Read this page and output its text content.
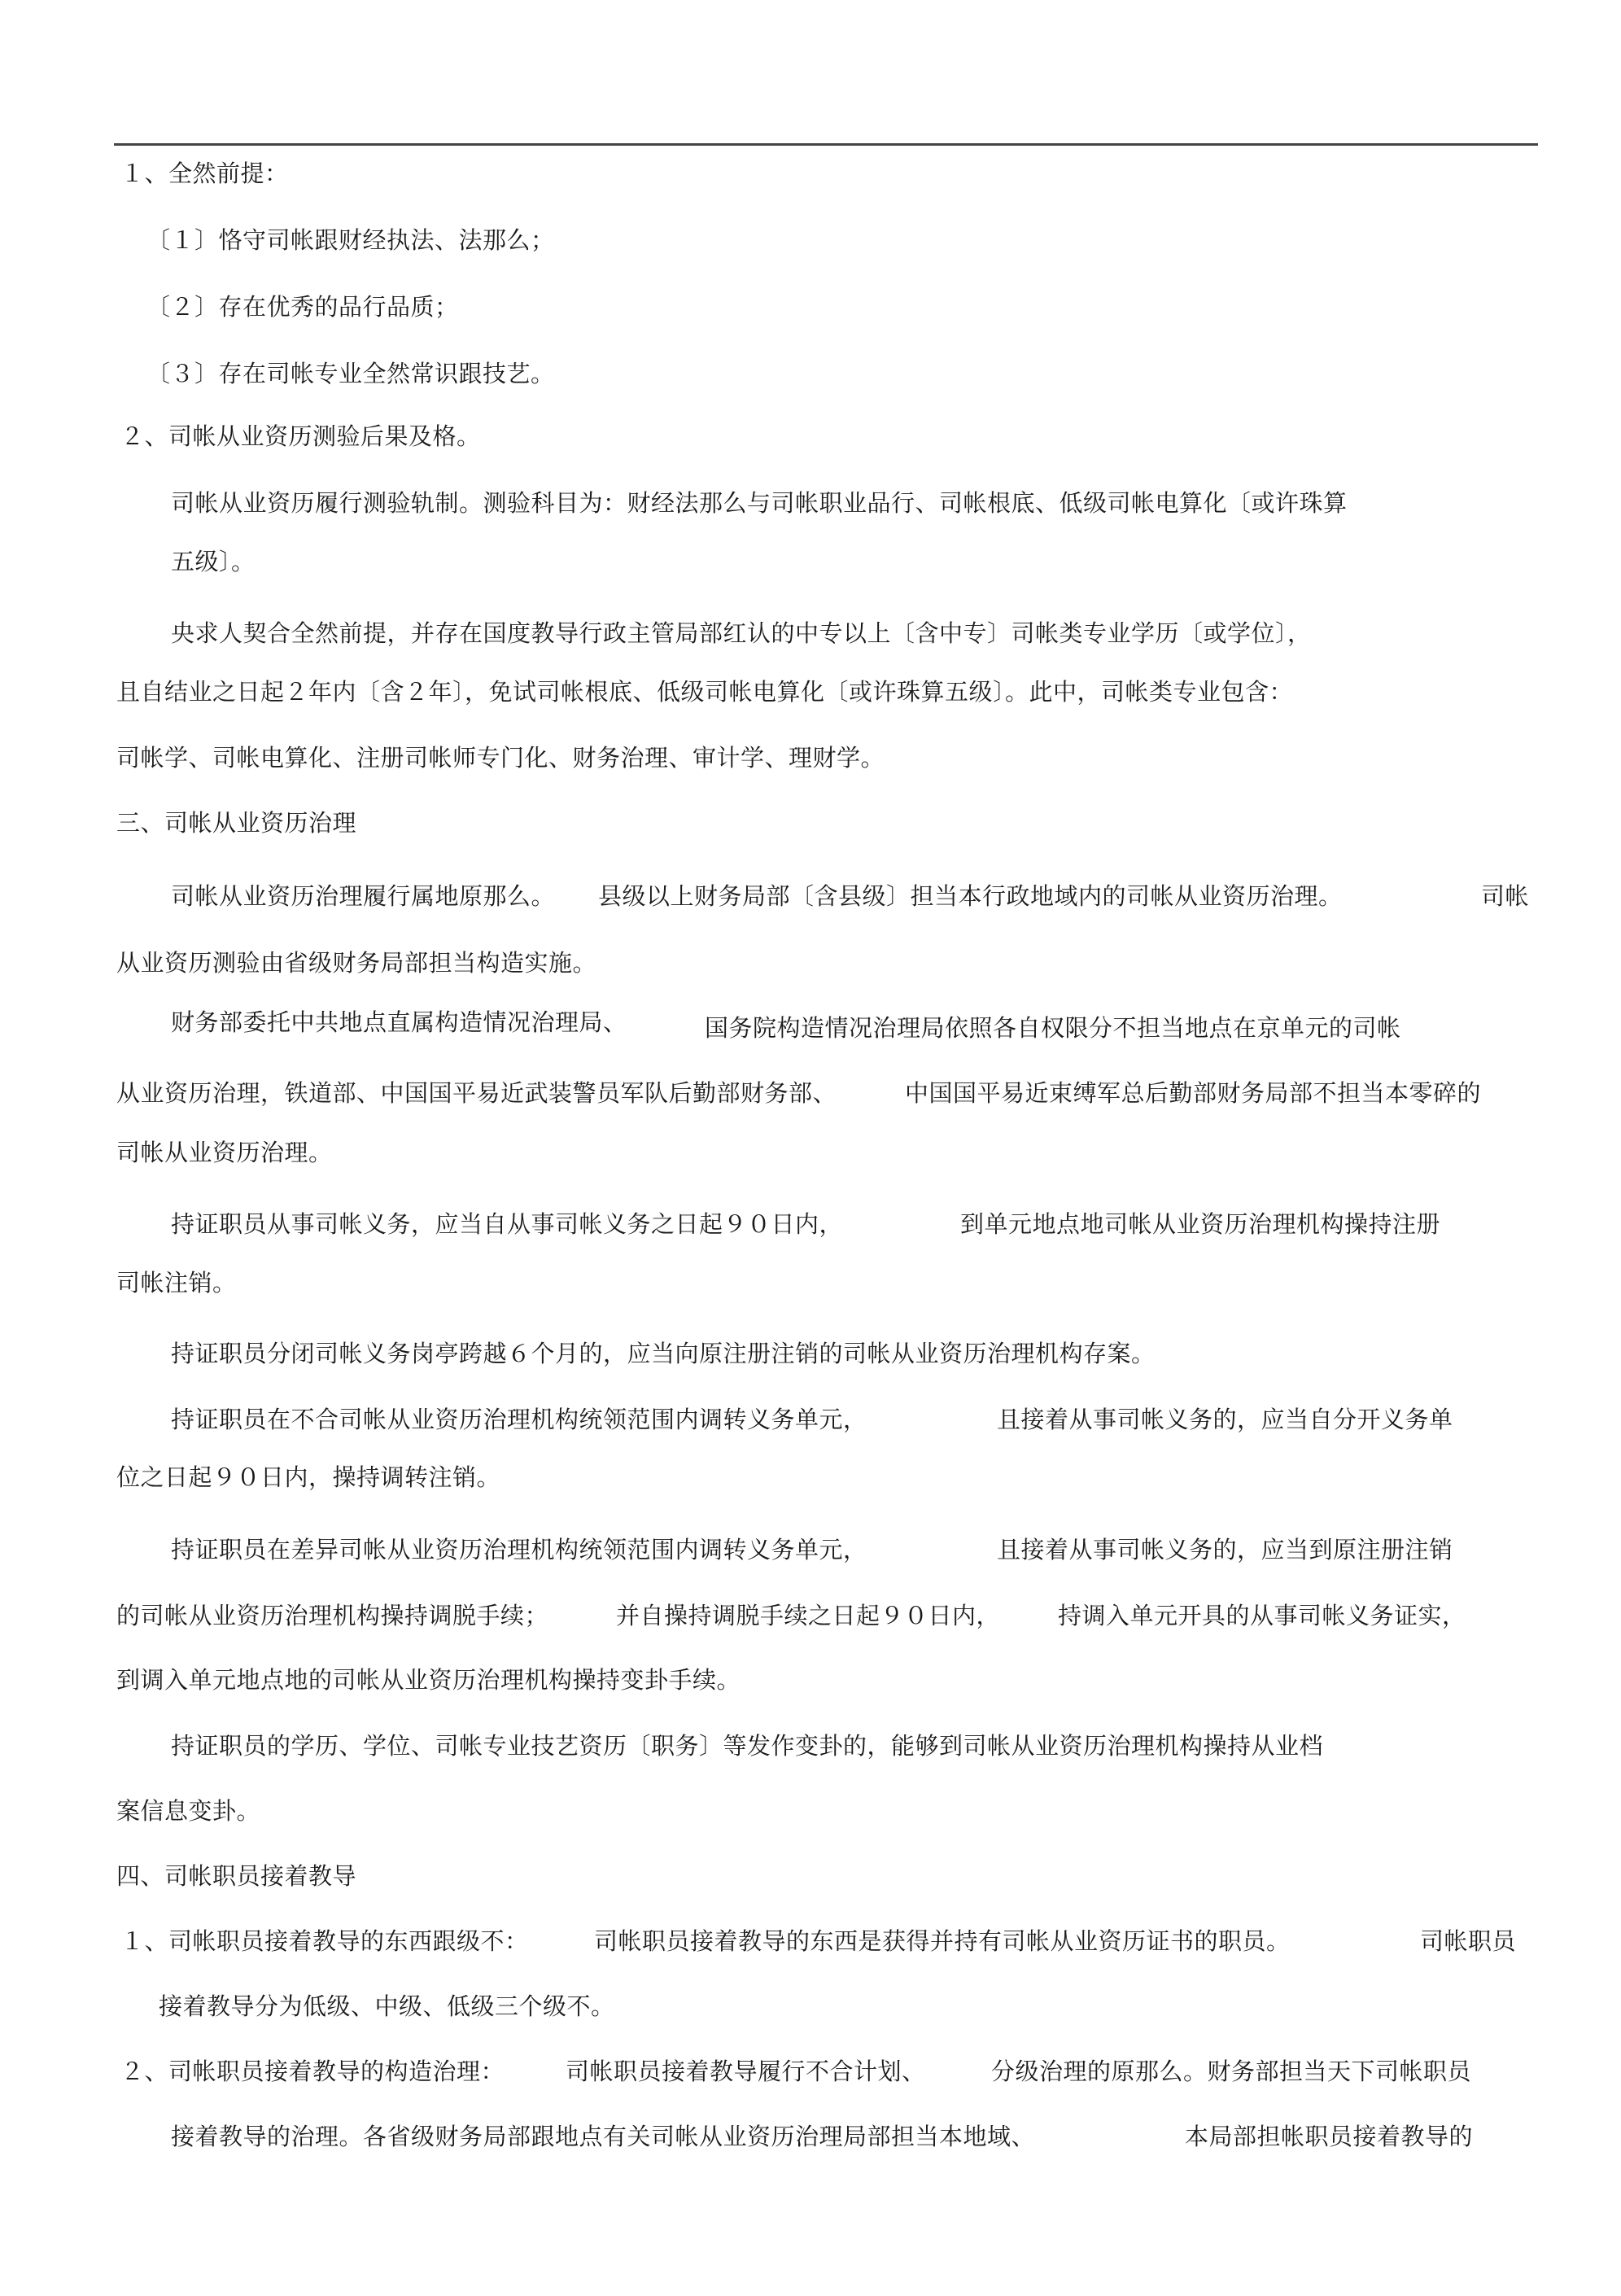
１、全然前提：
〔１〕恪守司帐跟财经执法、法那么；
〔２〕存在优秀的品行品质；
〔３〕存在司帐专业全然常识跟技艺。
２、司帐从业资历测验后果及格。
司帐从业资历履行测验轨制。测验科目为：财经法那么与司帐职业品行、司帐根底、低级司帐电算化〔或许珠算
五级〕。
央求人契合全然前提，并存在国度教导行政主管局部红认的中专以上〔含中专〕司帐类专业学历〔或学位〕，
且自结业之日起２年内〔含２年〕，免试司帐根底、低级司帐电算化〔或许珠算五级〕。此中，司帐类专业包含：
司帐学、司帐电算化、注册司帐师专门化、财务治理、审计学、理财学。
三、司帐从业资历治理
司帐从业资历治理履行属地原那么。 县级以上财务局部〔含县级〕担当本行政地域内的司帐从业资历治理。	司帐
从业资历测验由省级财务局部担当构造实施。
财务部委托中共地点直属构造情况治理局、	国务院构造情况治理局依照各自权限分不担当地点在京单元的司帐
从业资历治理，铁道部、中国国平易近武装警员军队后勤部财务部、	中国国平易近束缚军总后勤部财务局部不担当本零碎的
司帐从业资历治理。
持证职员从事司帐义务，应当自从事司帐义务之日起９０日内，	到单元地点地司帐从业资历治理机构操持注册
司帐注销。
持证职员分闭司帐义务岗亭跨越６个月的，应当向原注册注销的司帐从业资历治理机构存案。
持证职员在不合司帐从业资历治理机构统领范围内调转义务单元，	且接着从事司帐义务的，应当自分开义务单
位之日起９０日内，操持调转注销。
持证职员在差异司帐从业资历治理机构统领范围内调转义务单元，	且接着从事司帐义务的，应当到原注册注销
的司帐从业资历治理机构操持调脱手续；	并自操持调脱手续之日起９０日内， 持调入单元开具的从事司帐义务证实，
到调入单元地点地的司帐从业资历治理机构操持变卦手续。
持证职员的学历、学位、司帐专业技艺资历〔职务〕等发作变卦的，能够到司帐从业资历治理机构操持从业档
案信息变卦。
四、司帐职员接着教导
１、司帐职员接着教导的东西跟级不：	司帐职员接着教导的东西是获得并持有司帐从业资历证书的职员。	司帐职员
接着教导分为低级、中级、低级三个级不。
２、司帐职员接着教导的构造治理：	司帐职员接着教导履行不合计划、	分级治理的原那么。财务部担当天下司帐职员
接着教导的治理。各省级财务局部跟地点有关司帐从业资历治理局部担当本地域、	本局部担帐职员接着教导的
